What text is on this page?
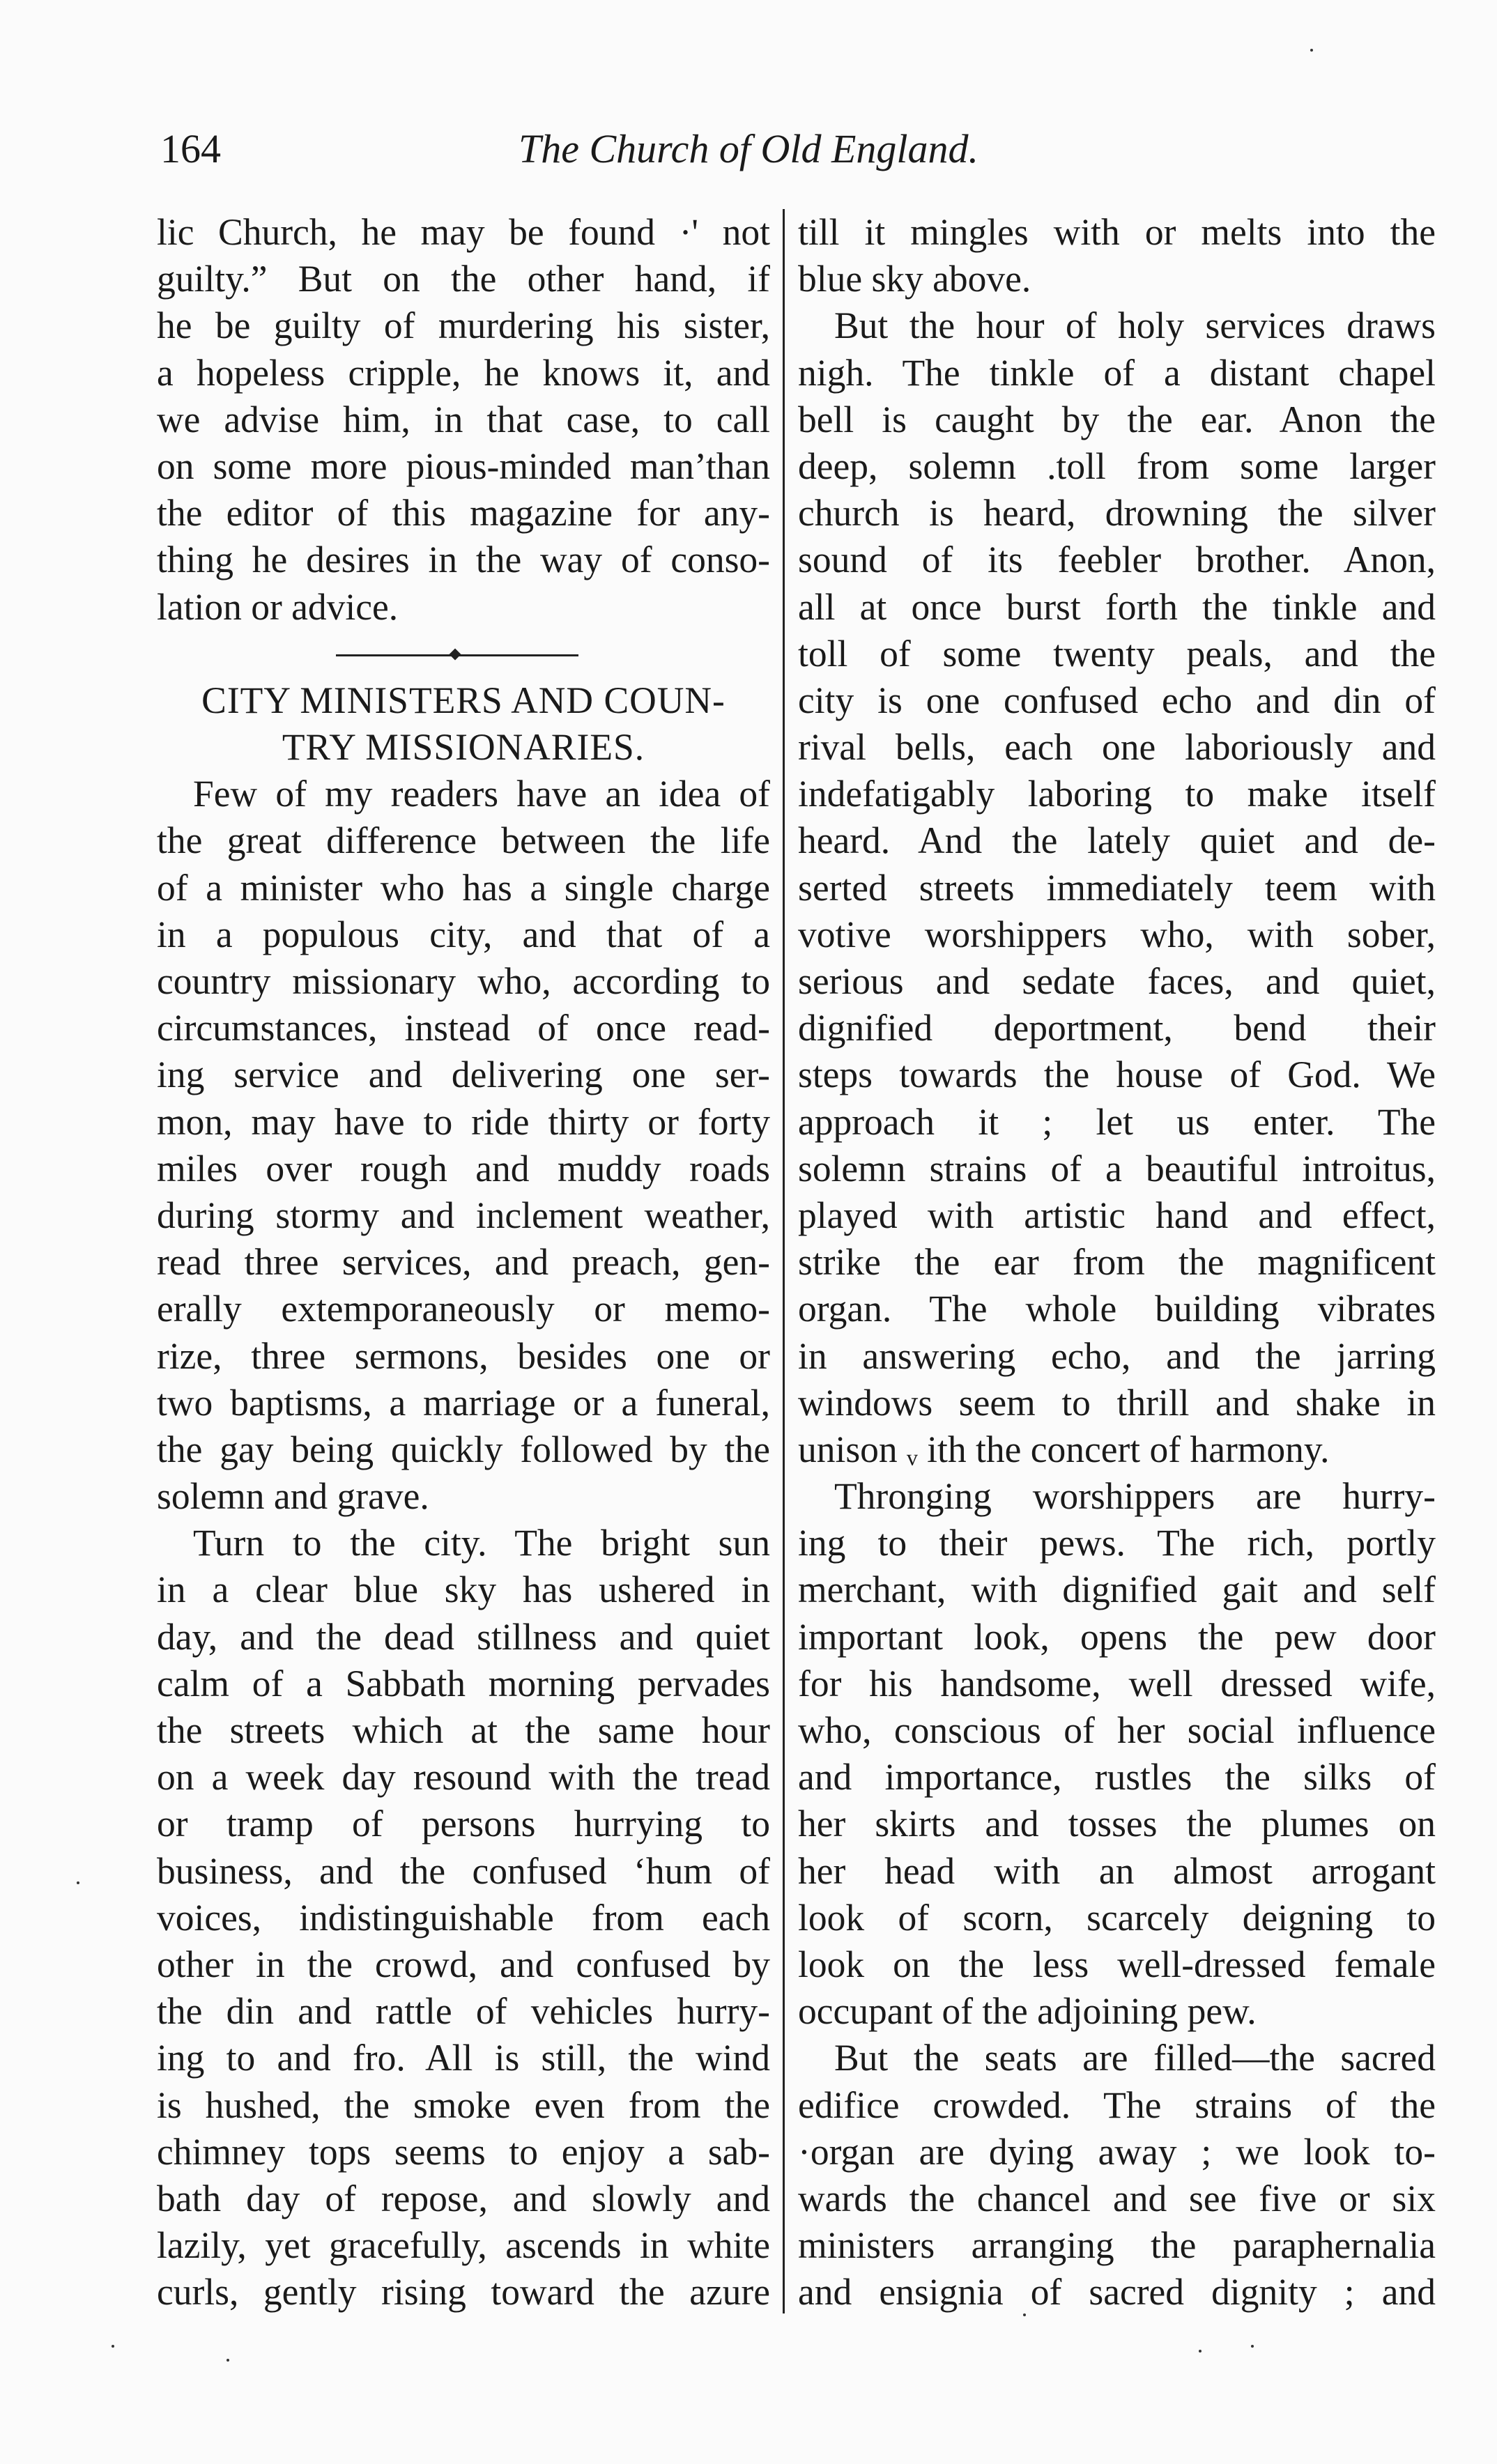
164	The Church of Old England.
lic Church, he may be found ·' not
guilty.” But on the other hand, if
he be guilty of murdering his sister,
a hopeless cripple, he knows it, and
we advise him, in that case, to call
on some more pious-minded man’than
the editor of this magazine for any-
thing he desires in the way of conso-
lation or advice.
CITY MINISTERS AND COUN-
TRY MISSIONARIES.
Few of my readers have an idea of
the great difference between the life
of a minister who has a single charge
in a populous city, and that of a
country missionary who, according to
circumstances, instead of once read-
ing service and delivering one ser-
mon, may have to ride thirty or forty
miles over rough and muddy roads
during stormy and inclement weather,
read three services, and preach, gen-
erally extemporaneously or memo-
rize, three sermons, besides one or
two baptisms, a marriage or a funeral,
the gay being quickly followed by the
solemn and grave.
Turn to the city. The bright sun
in a clear blue sky has ushered in
day, and the dead stillness and quiet
calm of a Sabbath morning pervades
the streets which at the same hour
on a week day resound with the tread
or tramp of persons hurrying to
business, and the confused ‘hum of
voices, indistinguishable from each
other in the crowd, and confused by
the din and rattle of vehicles hurry-
ing to and fro. All is still, the wind
is hushed, the smoke even from the
chimney tops seems to enjoy a sab-
bath day of repose, and slowly and
lazily, yet gracefully, ascends in white
curls, gently rising toward the azure
till it mingles with or melts into the
blue sky above.
But the hour of holy services draws
nigh. The tinkle of a distant chapel
bell is caught by the ear. Anon the
deep, solemn .toll from some larger
church is heard, drowning the silver
sound of its feebler brother. Anon,
all at once burst forth the tinkle and
toll of some twenty peals, and the
city is one confused echo and din of
rival bells, each one laboriously and
indefatigably laboring to make itself
heard. And the lately quiet and de-
serted streets immediately teem with
votive worshippers who, with sober,
serious and sedate faces, and quiet,
dignified deportment, bend their
steps towards the house of God. We
approach it ; let us enter. The
solemn strains of a beautiful introitus,
played with artistic hand and effect,
strike the ear from the magnificent
organ. The whole building vibrates
in answering echo, and the jarring
windows seem to thrill and shake in
unison ᵥ ith the concert of harmony.
Thronging worshippers are hurry-
ing to their pews. The rich, portly
merchant, with dignified gait and self
important look, opens the pew door
for his handsome, well dressed wife,
who, conscious of her social influence
and importance, rustles the silks of
her skirts and tosses the plumes on
her head with an almost arrogant
look of scorn, scarcely deigning to
look on the less well-dressed female
occupant of the adjoining pew.
But the seats are filled—the sacred
edifice crowded. The strains of the
·organ are dying away ; we look to-
wards the chancel and see five or six
ministers arranging the paraphernalia
and ensignia of sacred dignity ; and
